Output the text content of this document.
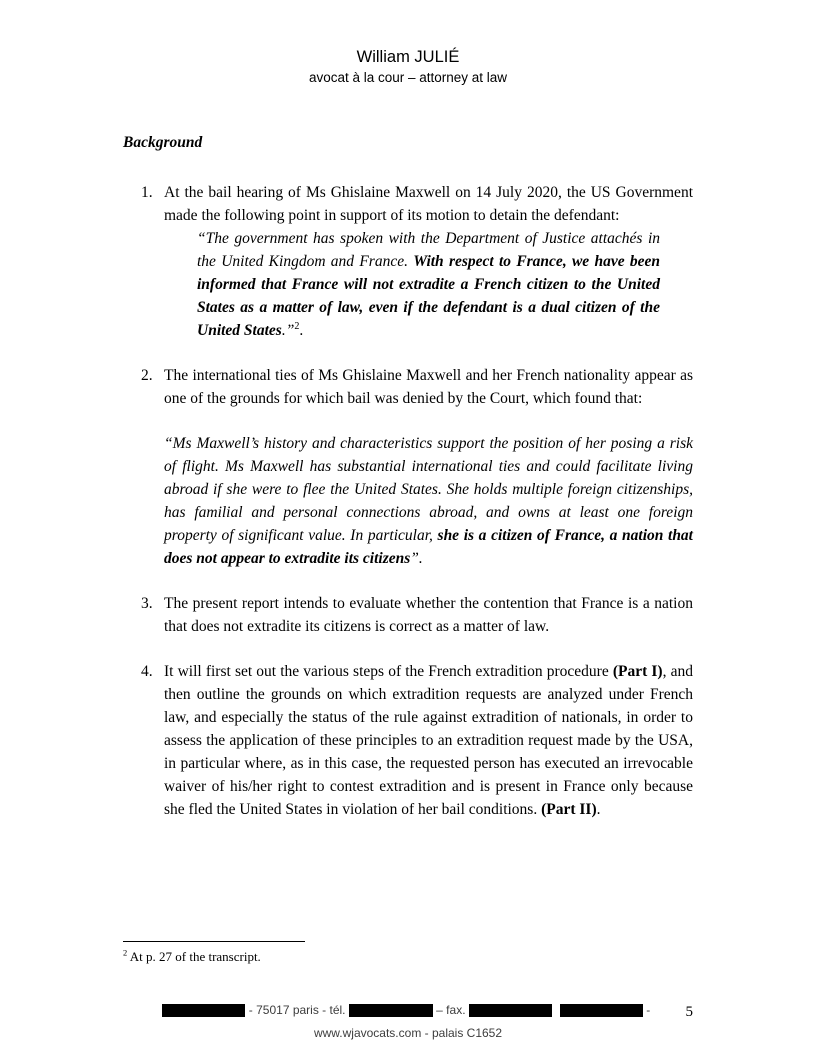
William JULIÉ
avocat à la cour – attorney at law
Background
1. At the bail hearing of Ms Ghislaine Maxwell on 14 July 2020, the US Government made the following point in support of its motion to detain the defendant:

“The government has spoken with the Department of Justice attachés in the United Kingdom and France. With respect to France, we have been informed that France will not extradite a French citizen to the United States as a matter of law, even if the defendant is a dual citizen of the United States.”$^2$.

2. The international ties of Ms Ghislaine Maxwell and her French nationality appear as one of the grounds for which bail was denied by the Court, which found that:

“Ms Maxwell’s history and characteristics support the position of her posing a risk of flight. Ms Maxwell has substantial international ties and could facilitate living abroad if she were to flee the United States. She holds multiple foreign citizenships, has familial and personal connections abroad, and owns at least one foreign property of significant value. In particular, she is a citizen of France, a nation that does not appear to extradite its citizens”.

3. The present report intends to evaluate whether the contention that France is a nation that does not extradite its citizens is correct as a matter of law.

4. It will first set out the various steps of the French extradition procedure (Part I), and then outline the grounds on which extradition requests are analyzed under French law, and especially the status of the rule against extradition of nationals, in order to assess the application of these principles to an extradition request made by the USA, in particular where, as in this case, the requested person has executed an irrevocable waiver of his/her right to contest extradition and is present in France only because she fled the United States in violation of her bail conditions. (Part II).

$^2$ At p. 27 of the transcript.
- 75017 paris - tél.	– fax.	-
www.wjavocats.com - palais C1652
5
